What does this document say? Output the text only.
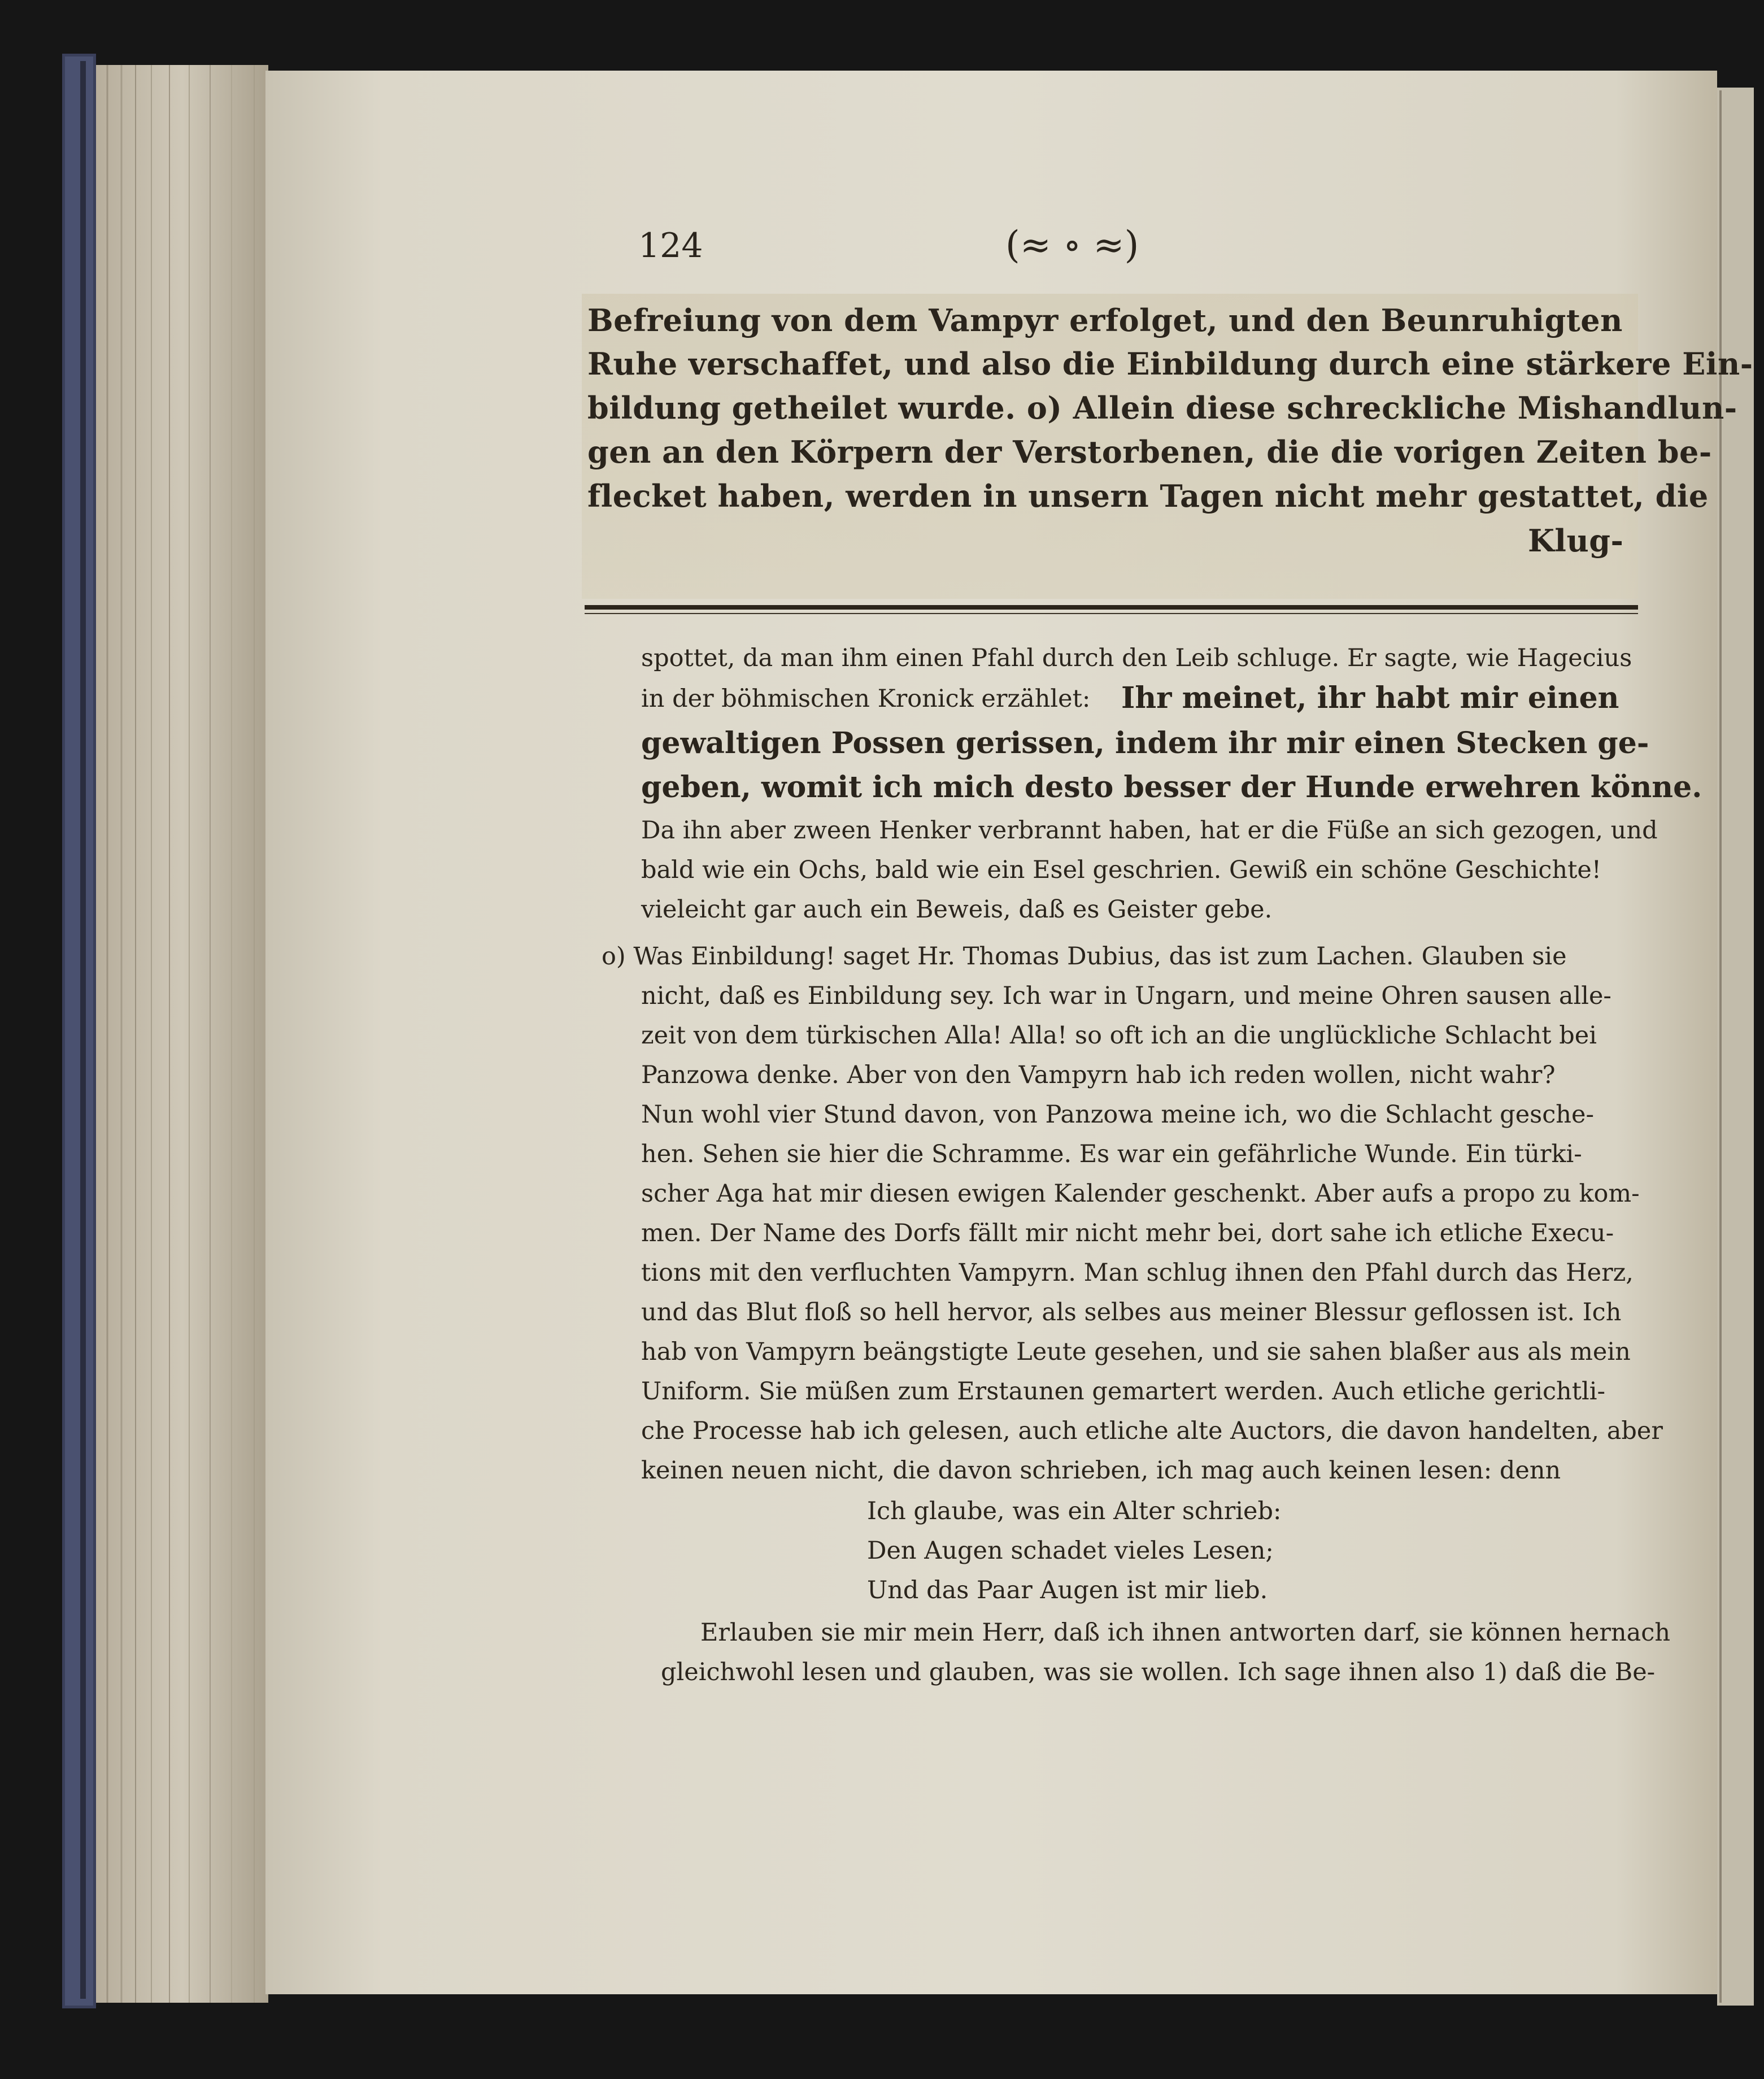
124	(≈ ∘ ≈)
Befreiung von dem Vampyr erfolget, und den Beunruhigten
Ruhe verschaffet, und also die Einbildung durch eine stärkere Ein-
bildung getheilet wurde. o) Allein diese schreckliche Mishandlun-
gen an den Körpern der Verstorbenen, die die vorigen Zeiten be-
flecket haben, werden in unsern Tagen nicht mehr gestattet, die
Klug-
spottet, da man ihm einen Pfahl durch den Leib schluge. Er sagte, wie Hagecius
in der böhmischen Kronick erzählet: Ihr meinet, ihr habt mir einen
gewaltigen Possen gerissen, indem ihr mir einen Stecken ge-
geben, womit ich mich desto besser der Hunde erwehren könne.
Da ihn aber zween Henker verbrannt haben, hat er die Füße an sich gezogen, und
bald wie ein Ochs, bald wie ein Esel geschrien. Gewiß ein schöne Geschichte!
vieleicht gar auch ein Beweis, daß es Geister gebe.
o) Was Einbildung! saget Hr. Thomas Dubius, das ist zum Lachen. Glauben sie
nicht, daß es Einbildung sey. Ich war in Ungarn, und meine Ohren sausen alle-
zeit von dem türkischen Alla! Alla! so oft ich an die unglückliche Schlacht bei
Panzowa denke. Aber von den Vampyrn hab ich reden wollen, nicht wahr?
Nun wohl vier Stund davon, von Panzowa meine ich, wo die Schlacht gesche-
hen. Sehen sie hier die Schramme. Es war ein gefährliche Wunde. Ein türki-
scher Aga hat mir diesen ewigen Kalender geschenkt. Aber aufs a propo zu kom-
men. Der Name des Dorfs fällt mir nicht mehr bei, dort sahe ich etliche Execu-
tions mit den verfluchten Vampyrn. Man schlug ihnen den Pfahl durch das Herz,
und das Blut floß so hell hervor, als selbes aus meiner Blessur geflossen ist. Ich
hab von Vampyrn beängstigte Leute gesehen, und sie sahen blaßer aus als mein
Uniform. Sie müßen zum Erstaunen gemartert werden. Auch etliche gerichtli-
che Processe hab ich gelesen, auch etliche alte Auctors, die davon handelten, aber
keinen neuen nicht, die davon schrieben, ich mag auch keinen lesen: denn
Ich glaube, was ein Alter schrieb:
Den Augen schadet vieles Lesen;
Und das Paar Augen ist mir lieb.
Erlauben sie mir mein Herr, daß ich ihnen antworten darf, sie können hernach
gleichwohl lesen und glauben, was sie wollen. Ich sage ihnen also 1) daß die Be-
